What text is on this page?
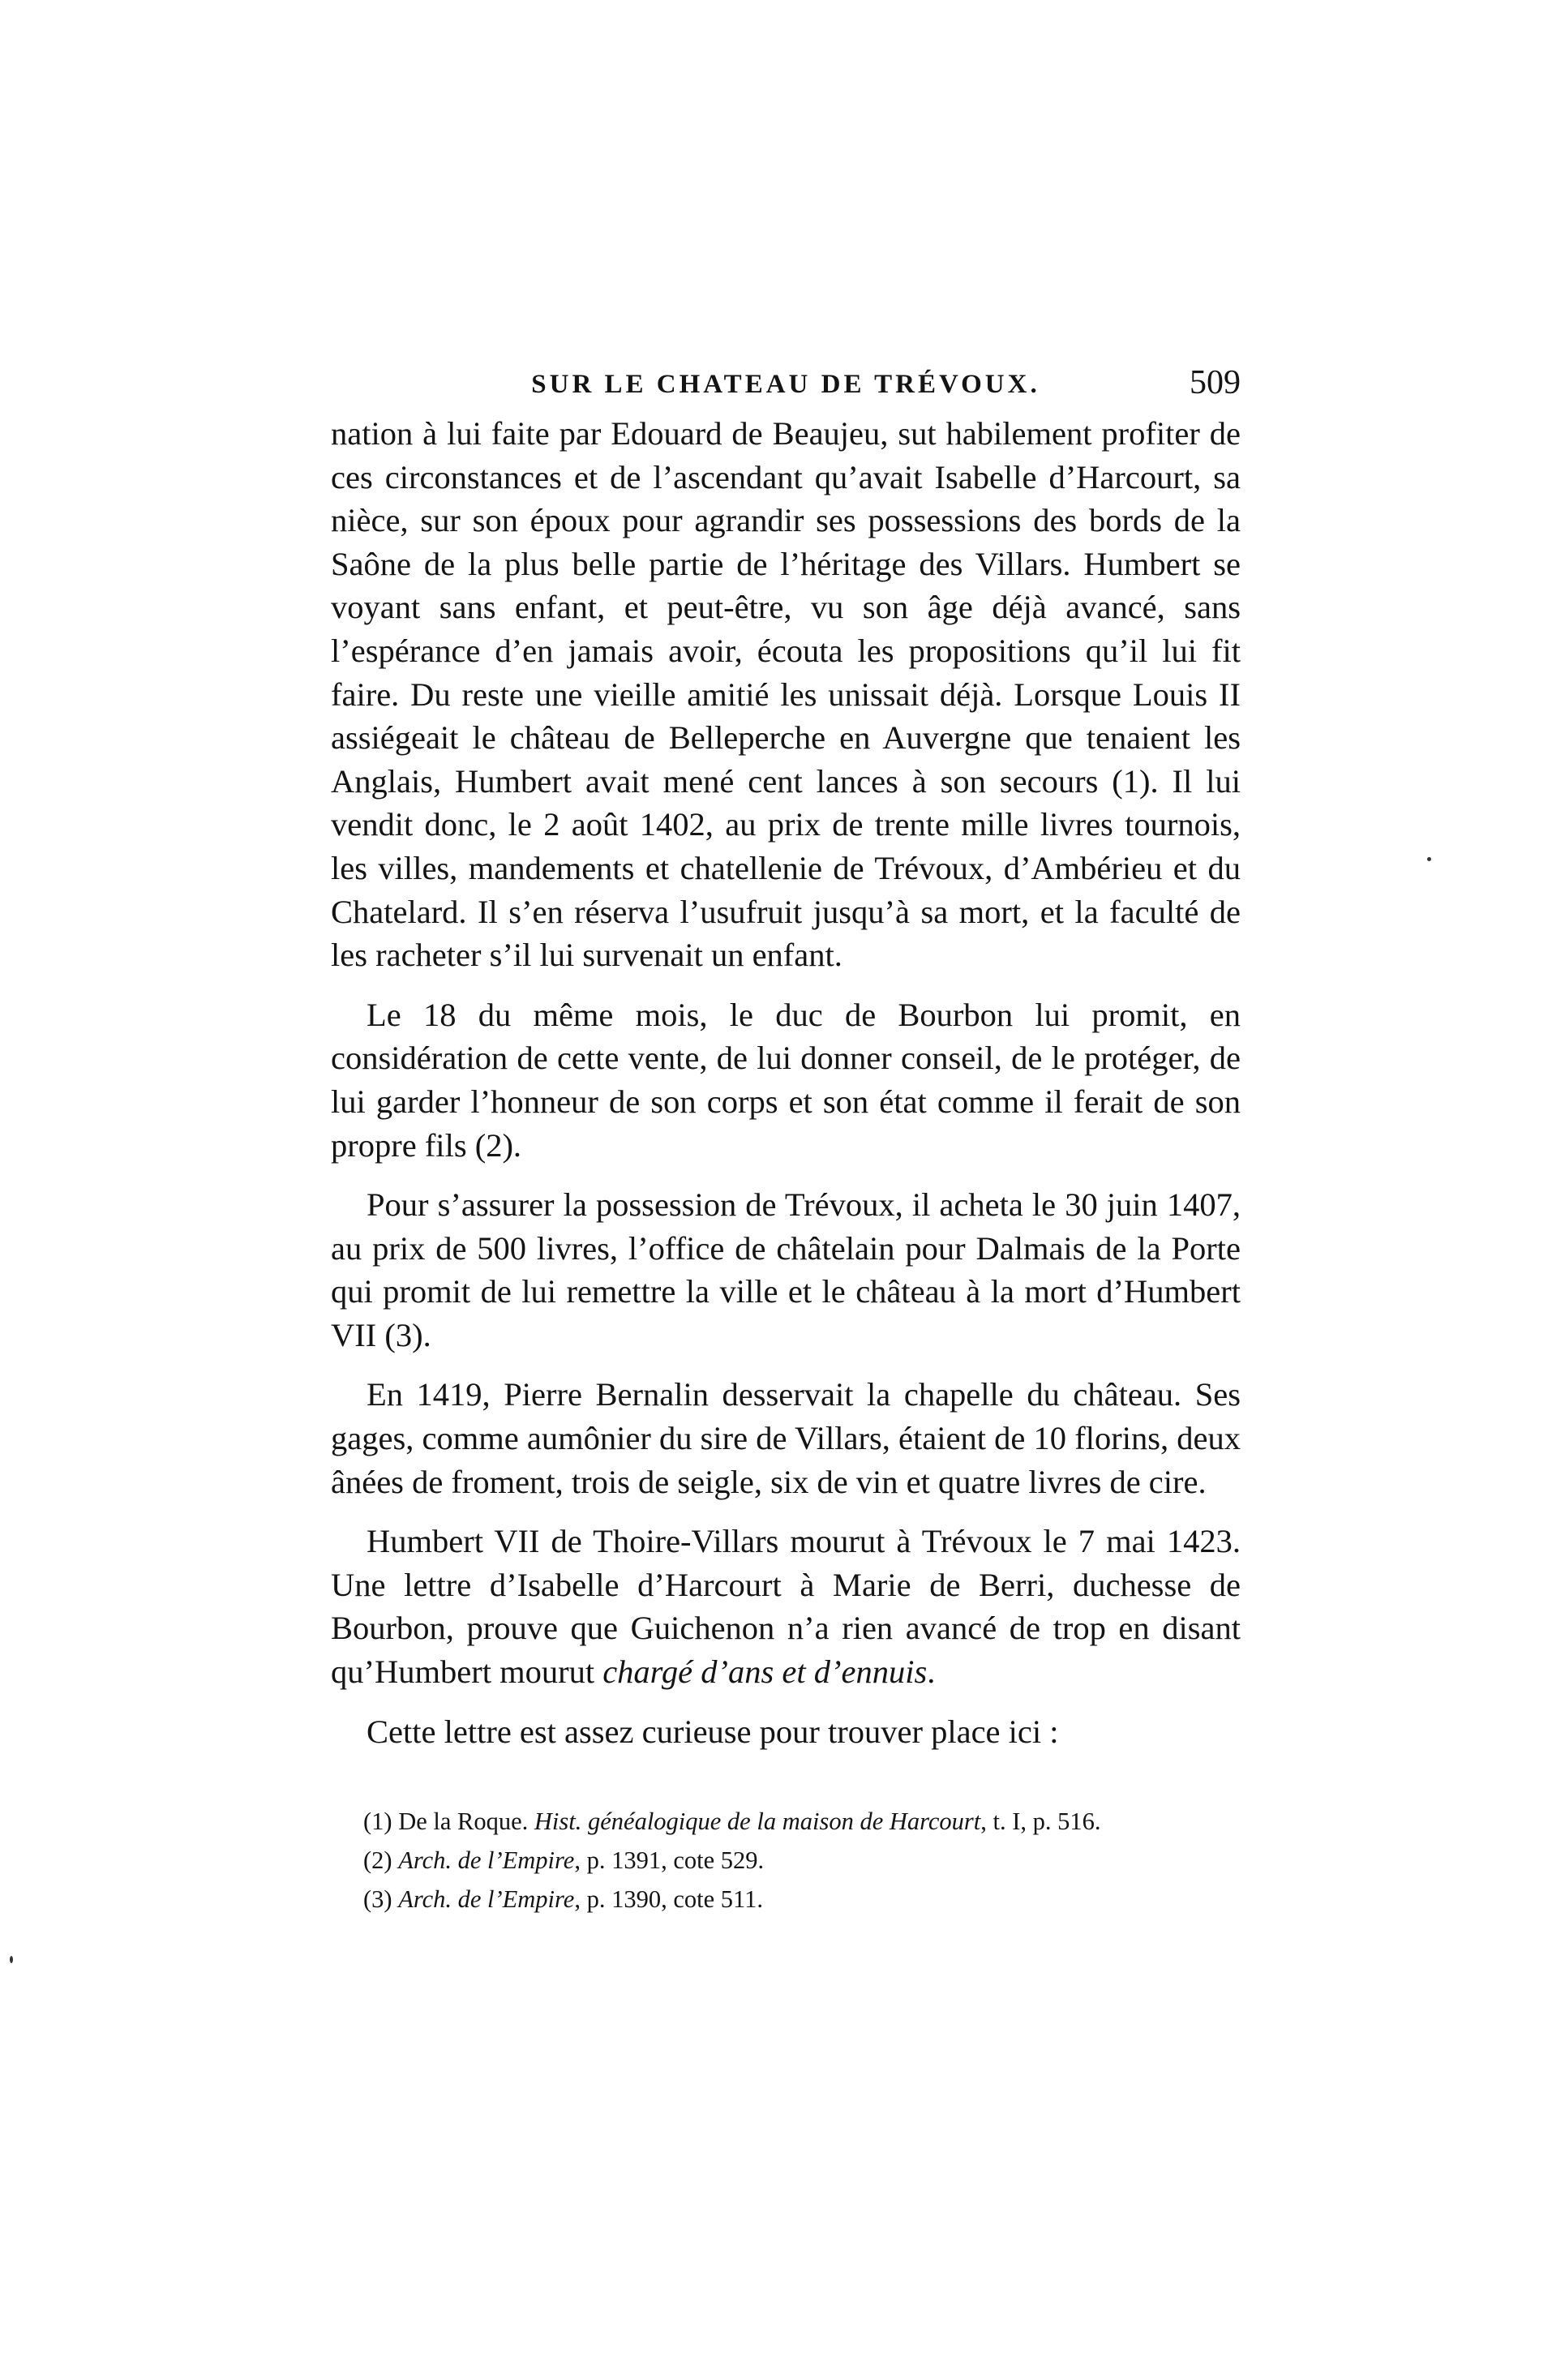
SUR LE CHATEAU DE TRÉVOUX.	509

nation à lui faite par Edouard de Beaujeu, sut habilement profiter de ces circonstances et de l’ascendant qu’avait Isabelle d’Harcourt, sa nièce, sur son époux pour agrandir ses possessions des bords de la Saône de la plus belle partie de l’héritage des Villars. Humbert se voyant sans enfant, et peut-être, vu son âge déjà avancé, sans l’espérance d’en jamais avoir, écouta les propositions qu’il lui fit faire. Du reste une vieille amitié les unissait déjà. Lorsque Louis II assiégeait le château de Belleperche en Auvergne que tenaient les Anglais, Humbert avait mené cent lances à son secours (1). Il lui vendit donc, le 2 août 1402, au prix de trente mille livres tournois, les villes, mandements et chatellenie de Trévoux, d’Ambérieu et du Chatelard. Il s’en réserva l’usufruit jusqu’à sa mort, et la faculté de les racheter s’il lui survenait un enfant.

Le 18 du même mois, le duc de Bourbon lui promit, en considération de cette vente, de lui donner conseil, de le protéger, de lui garder l’honneur de son corps et son état comme il ferait de son propre fils (2).

Pour s’assurer la possession de Trévoux, il acheta le 30 juin 1407, au prix de 500 livres, l’office de châtelain pour Dalmais de la Porte qui promit de lui remettre la ville et le château à la mort d’Humbert VII (3).

En 1419, Pierre Bernalin desservait la chapelle du château. Ses gages, comme aumônier du sire de Villars, étaient de 10 florins, deux ânées de froment, trois de seigle, six de vin et quatre livres de cire.

Humbert VII de Thoire-Villars mourut à Trévoux le 7 mai 1423. Une lettre d’Isabelle d’Harcourt à Marie de Berri, duchesse de Bourbon, prouve que Guichenon n’a rien avancé de trop en disant qu’Humbert mourut chargé d’ans et d’ennuis.

Cette lettre est assez curieuse pour trouver place ici :

(1) De la Roque. Hist. généalogique de la maison de Harcourt, t. I, p. 516.
(2) Arch. de l’Empire, p. 1391, cote 529.
(3) Arch. de l’Empire, p. 1390, cote 511.
